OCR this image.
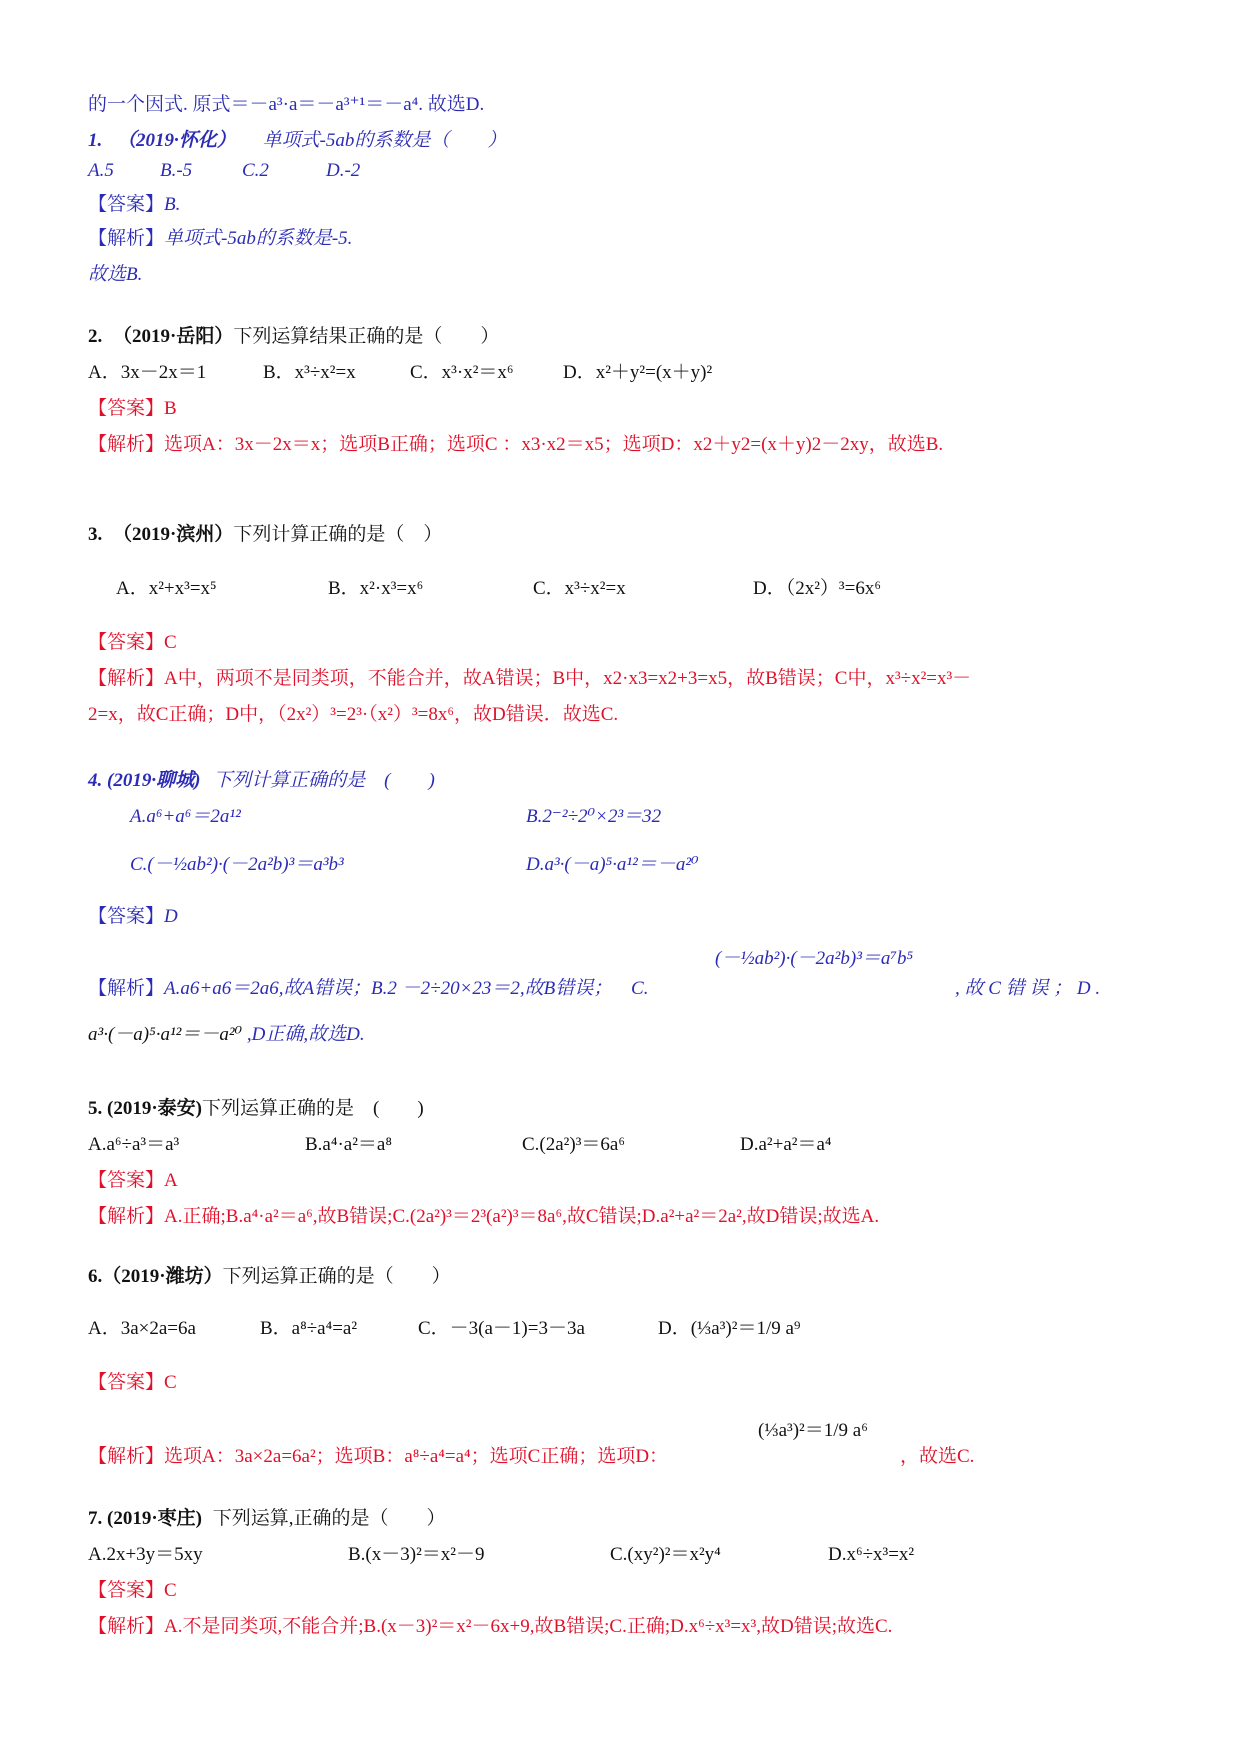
的一个因式. 原式＝－a³·a＝－a³⁺¹＝－a⁴. 故选D.
1. （2019·怀化） 单项式-5ab的系数是（　　）
A.5 B.-5	C.2	D.-2
【答案】B.
【解析】单项式-5ab的系数是-5.
故选B.
2. （2019·岳阳）下列运算结果正确的是（　　）
A．3x－2x＝1	B．x³÷x²=x	C．x³·x²＝x⁶	D．x²＋y²=(x＋y)²
【答案】B
【解析】选项A：3x－2x＝x；选项B正确；选项C ：x3·x2＝x5；选项D：x2＋y2=(x＋y)2－2xy，故选B.
3. （2019·滨州）下列计算正确的是（　）
A．x²+x³=x⁵	B．x²·x³=x⁶	C．x³÷x²=x	D．（2x²）³=6x⁶
【答案】C
【解析】A中，两项不是同类项，不能合并，故A错误；B中，x2·x3=x2+3=x5，故B错误；C中，x³÷x²=x³－
2=x，故C正确；D中，（2x²）³=2³·（x²）³=8x⁶，故D错误．故选C.
4. (2019·聊城) 下列计算正确的是　(　　)
A.a⁶+a⁶＝2a¹²	B.2⁻²÷2⁰×2³＝32
C.(－½ab²)·(－2a²b)³＝a³b³	D.a³·(－a)⁵·a¹²＝－a²⁰
【答案】D
【解析】A.a6+a6＝2a6,故A错误；B.2 －2÷20×23＝2,故B错误； C.
(－½ab²)·(－2a²b)³＝a⁷b⁵
, 故 C 错 误 ； D .
a³·(－a)⁵·a¹²＝－a²⁰ ,D正确,故选D.
5. (2019·泰安)下列运算正确的是　(　　)
A.a⁶÷a³＝a³	B.a⁴·a²＝a⁸	C.(2a²)³＝6a⁶	D.a²+a²＝a⁴
【答案】A
【解析】A.正确;B.a⁴·a²＝a⁶,故B错误;C.(2a²)³＝2³(a²)³＝8a⁶,故C错误;D.a²+a²＝2a²,故D错误;故选A.
6.（2019·潍坊）下列运算正确的是（　　）
A．3a×2a=6a	B．a⁸÷a⁴=a²	C．－3(a－1)=3－3a	D．(⅓a³)²＝1/9 a⁹
【答案】C
【解析】选项A：3a×2a=6a²；选项B：a⁸÷a⁴=a⁴；选项C正确；选项D：
(⅓a³)²＝1/9 a⁶
，故选C.
7. (2019·枣庄) 下列运算,正确的是（　　）
A.2x+3y＝5xy	B.(x－3)²＝x²－9	C.(xy²)²＝x²y⁴	D.x⁶÷x³=x²
【答案】C
【解析】A.不是同类项,不能合并;B.(x－3)²＝x²－6x+9,故B错误;C.正确;D.x⁶÷x³=x³,故D错误;故选C.
